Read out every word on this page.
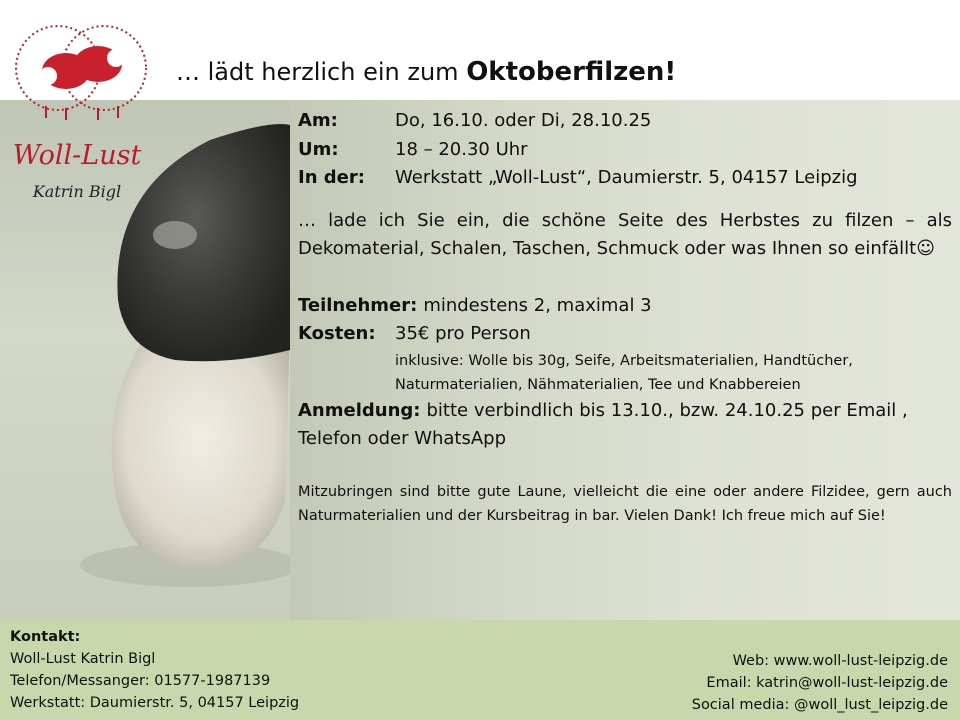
Woll-Lust
Katrin Bigl
… lädt herzlich ein zum Oktoberfilzen!
Am:	Do, 16.10. oder Di, 28.10.25
Um:	18 – 20.30 Uhr
In der:	Werkstatt „Woll-Lust“, Daumierstr. 5, 04157 Leipzig
… lade ich Sie ein, die schöne Seite des Herbstes zu filzen – als Dekomaterial, Schalen, Taschen, Schmuck oder was Ihnen so einfällt☺
Teilnehmer: mindestens 2, maximal 3
Kosten:	35€ pro Person
inklusive: Wolle bis 30g, Seife, Arbeitsmaterialien, Handtücher,
Naturmaterialien, Nähmaterialien, Tee und Knabbereien
Anmeldung: bitte verbindlich bis 13.10., bzw. 24.10.25 per Email ,
Telefon oder WhatsApp
Mitzubringen sind bitte gute Laune, vielleicht die eine oder andere Filzidee, gern auch Naturmaterialien und der Kursbeitrag in bar. Vielen Dank! Ich freue mich auf Sie!
Kontakt:
Woll-Lust Katrin Bigl
Telefon/Messanger: 01577-1987139
Werkstatt: Daumierstr. 5, 04157 Leipzig
Web: www.woll-lust-leipzig.de
Email: katrin@woll-lust-leipzig.de
Social media: @woll_lust_leipzig.de
